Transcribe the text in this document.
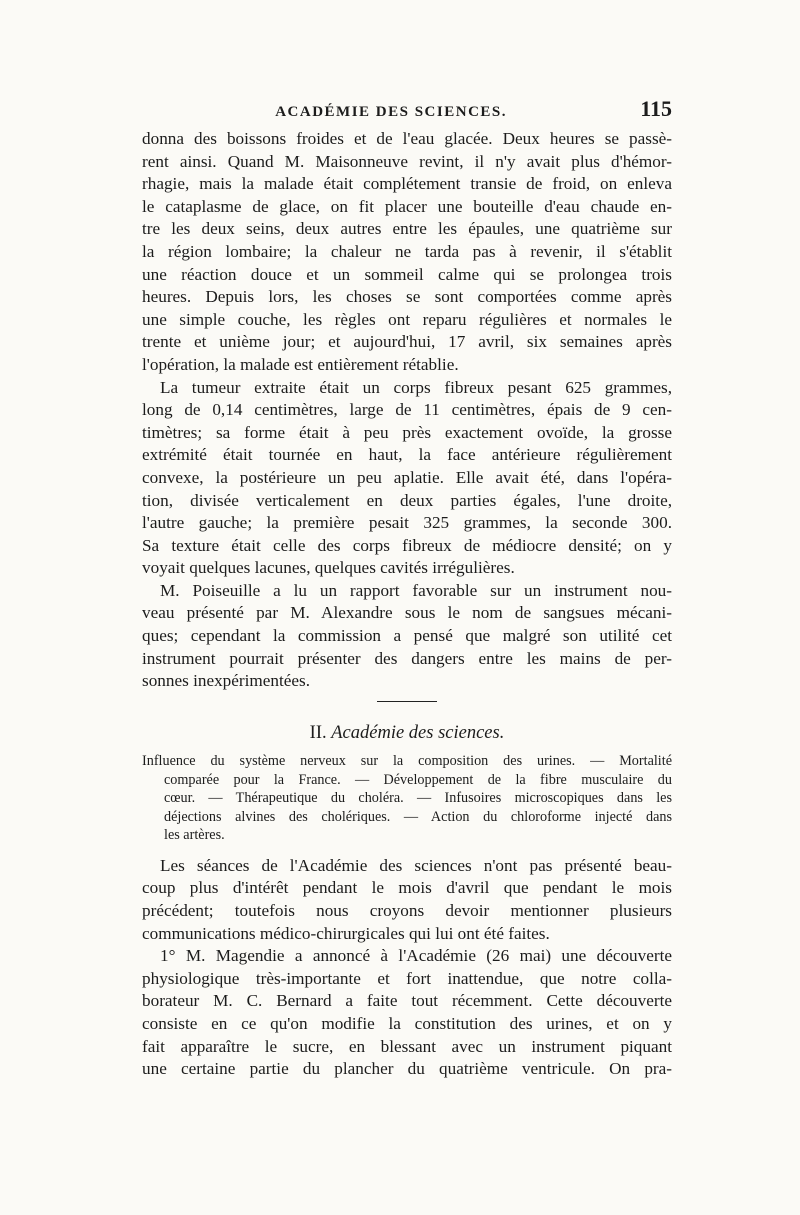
ACADÉMIE DES SCIENCES.	115
donna des boissons froides et de l'eau glacée. Deux heures se passè-
rent ainsi. Quand M. Maisonneuve revint, il n'y avait plus d'hémor-
rhagie, mais la malade était complétement transie de froid, on enleva
le cataplasme de glace, on fit placer une bouteille d'eau chaude en-
tre les deux seins, deux autres entre les épaules, une quatrième sur
la région lombaire; la chaleur ne tarda pas à revenir, il s'établit
une réaction douce et un sommeil calme qui se prolongea trois
heures. Depuis lors, les choses se sont comportées comme après
une simple couche, les règles ont reparu régulières et normales le
trente et unième jour; et aujourd'hui, 17 avril, six semaines après
l'opération, la malade est entièrement rétablie.
La tumeur extraite était un corps fibreux pesant 625 grammes,
long de 0,14 centimètres, large de 11 centimètres, épais de 9 cen-
timètres; sa forme était à peu près exactement ovoïde, la grosse
extrémité était tournée en haut, la face antérieure régulièrement
convexe, la postérieure un peu aplatie. Elle avait été, dans l'opéra-
tion, divisée verticalement en deux parties égales, l'une droite,
l'autre gauche; la première pesait 325 grammes, la seconde 300.
Sa texture était celle des corps fibreux de médiocre densité; on y
voyait quelques lacunes, quelques cavités irrégulières.
M. Poiseuille a lu un rapport favorable sur un instrument nou-
veau présenté par M. Alexandre sous le nom de sangsues mécani-
ques; cependant la commission a pensé que malgré son utilité cet
instrument pourrait présenter des dangers entre les mains de per-
sonnes inexpérimentées.
II. Académie des sciences.
Influence du système nerveux sur la composition des urines. — Mortalité
comparée pour la France. — Développement de la fibre musculaire du
cœur. — Thérapeutique du choléra. — Infusoires microscopiques dans les
déjections alvines des cholériques. — Action du chloroforme injecté dans
les artères.
Les séances de l'Académie des sciences n'ont pas présenté beau-
coup plus d'intérêt pendant le mois d'avril que pendant le mois
précédent; toutefois nous croyons devoir mentionner plusieurs
communications médico-chirurgicales qui lui ont été faites.
1° M. Magendie a annoncé à l'Académie (26 mai) une découverte
physiologique très-importante et fort inattendue, que notre colla-
borateur M. C. Bernard a faite tout récemment. Cette découverte
consiste en ce qu'on modifie la constitution des urines, et on y
fait apparaître le sucre, en blessant avec un instrument piquant
une certaine partie du plancher du quatrième ventricule. On pra-
